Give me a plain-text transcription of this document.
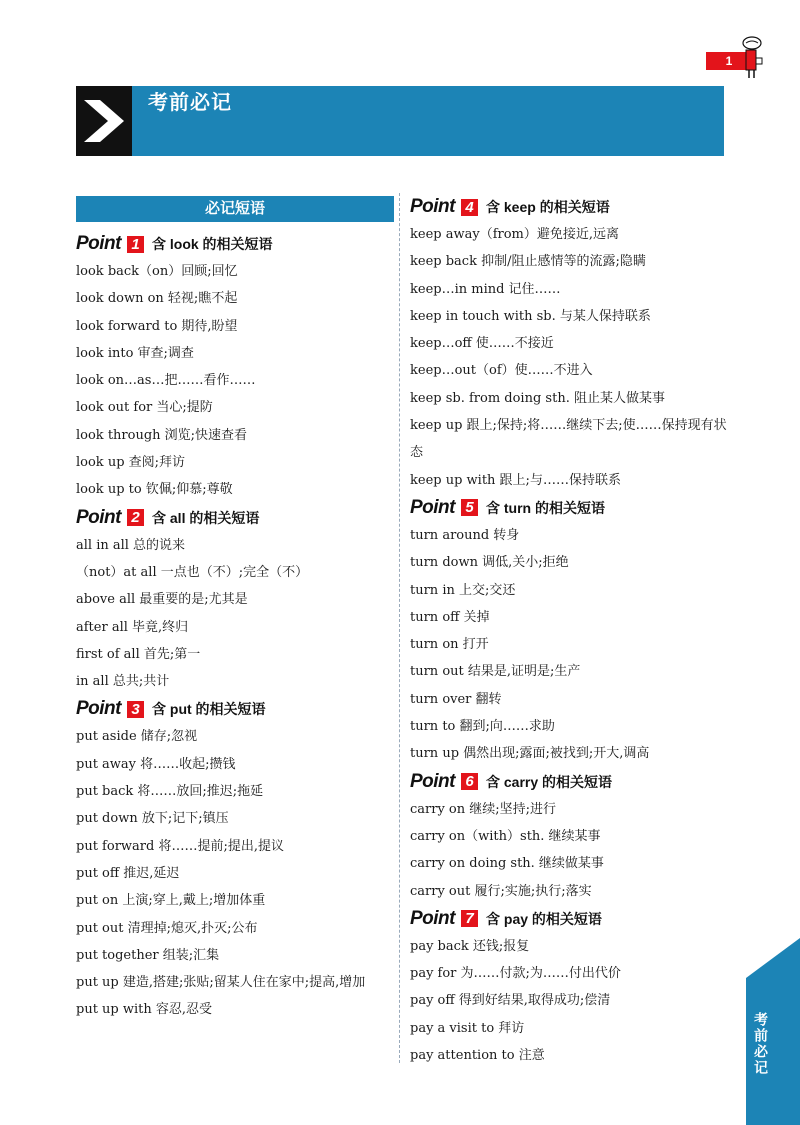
1
考前必记
必记短语
Point 1 含 look 的相关短语
look back（on）回顾;回忆
look down on 轻视;瞧不起
look forward to 期待,盼望
look into 审查;调查
look on…as…把……看作……
look out for 当心;提防
look through 浏览;快速查看
look up 查阅;拜访
look up to 钦佩;仰慕;尊敬
Point 2 含 all 的相关短语
all in all 总的说来
（not）at all 一点也（不）;完全（不）
above all 最重要的是;尤其是
after all 毕竟,终归
first of all 首先;第一
in all 总共;共计
Point 3 含 put 的相关短语
put aside 储存;忽视
put away 将……收起;攒钱
put back 将……放回;推迟;拖延
put down 放下;记下;镇压
put forward 将……提前;提出,提议
put off 推迟,延迟
put on 上演;穿上,戴上;增加体重
put out 清理掉;熄灭,扑灭;公布
put together 组装;汇集
put up 建造,搭建;张贴;留某人住在家中;提高,增加
put up with 容忍,忍受
Point 4 含 keep 的相关短语
keep away（from）避免接近,远离
keep back 抑制/阻止感情等的流露;隐瞒
keep…in mind 记住……
keep in touch with sb. 与某人保持联系
keep…off 使……不接近
keep…out（of）使……不进入
keep sb. from doing sth. 阻止某人做某事
keep up 跟上;保持;将……继续下去;使……保持现有状态
keep up with 跟上;与……保持联系
Point 5 含 turn 的相关短语
turn around 转身
turn down 调低,关小;拒绝
turn in 上交;交还
turn off 关掉
turn on 打开
turn out 结果是,证明是;生产
turn over 翻转
turn to 翻到;向……求助
turn up 偶然出现;露面;被找到;开大,调高
Point 6 含 carry 的相关短语
carry on 继续;坚持;进行
carry on（with）sth. 继续某事
carry on doing sth. 继续做某事
carry out 履行;实施;执行;落实
Point 7 含 pay 的相关短语
pay back 还钱;报复
pay for 为……付款;为……付出代价
pay off 得到好结果,取得成功;偿清
pay a visit to 拜访
pay attention to 注意	考前必记
